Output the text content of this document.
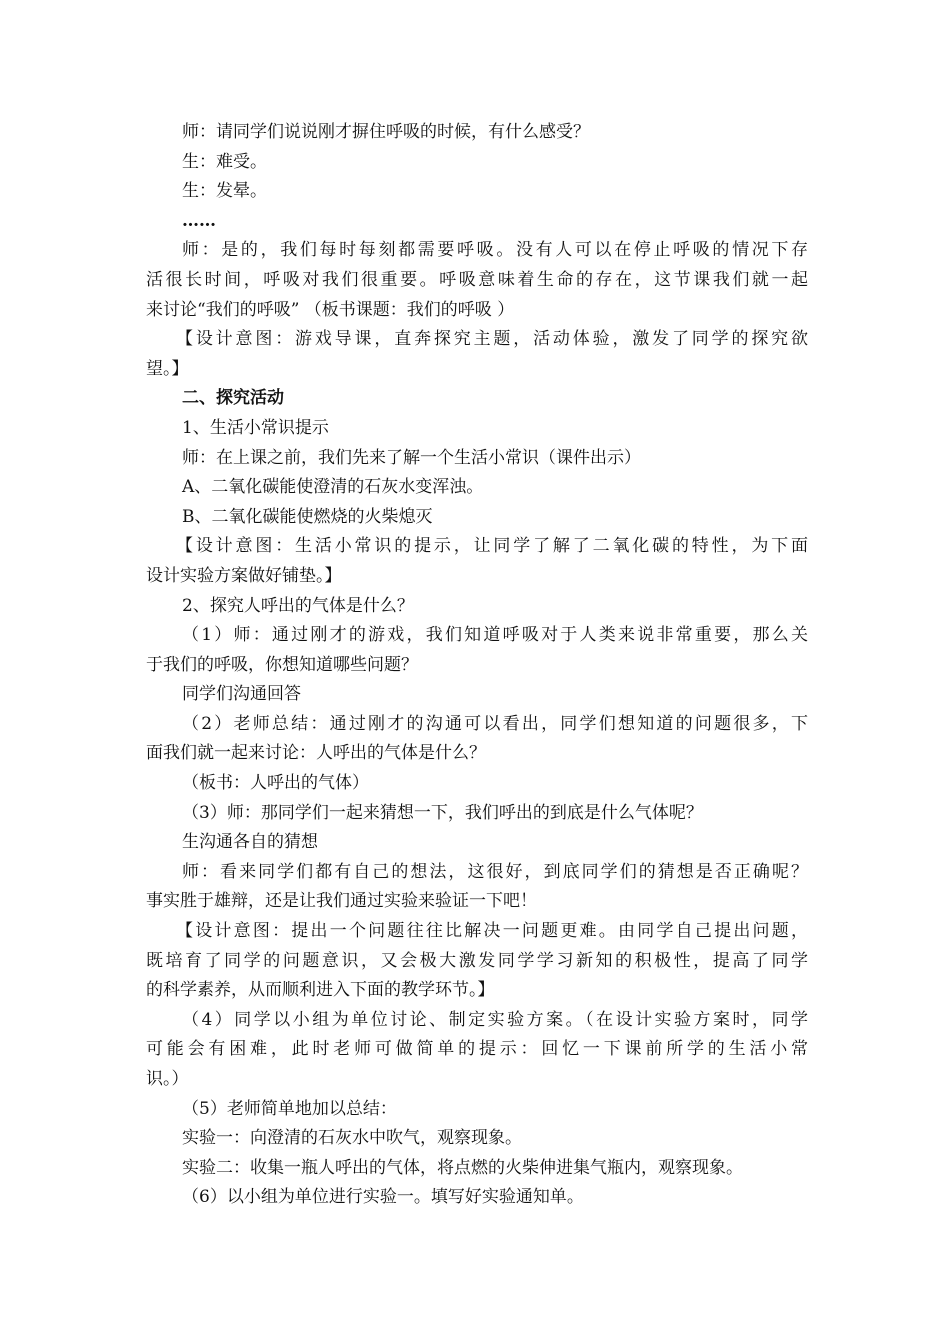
师：请同学们说说刚才摒住呼吸的时候，有什么感受？
生：难受。
生：发晕。
……
师：是的，我们每时每刻都需要呼吸。没有人可以在停止呼吸的情况下存
活很长时间，呼吸对我们很重要。呼吸意味着生命的存在，这节课我们就一起
来讨论“我们的呼吸” （板书课题：我们的呼吸 ）
【设计意图：游戏导课，直奔探究主题，活动体验，激发了同学的探究欲
望。】
二、探究活动
1、生活小常识提示
师：在上课之前，我们先来了解一个生活小常识（课件出示）
A、二氧化碳能使澄清的石灰水变浑浊。
B、二氧化碳能使燃烧的火柴熄灭
【设计意图：生活小常识的提示，让同学了解了二氧化碳的特性，为下面
设计实验方案做好铺垫。】
2、探究人呼出的气体是什么？
（1）师：通过刚才的游戏，我们知道呼吸对于人类来说非常重要，那么关
于我们的呼吸，你想知道哪些问题？
同学们沟通回答
（2）老师总结：通过刚才的沟通可以看出，同学们想知道的问题很多，下
面我们就一起来讨论：人呼出的气体是什么？
（板书：人呼出的气体）
（3）师：那同学们一起来猜想一下，我们呼出的到底是什么气体呢？
生沟通各自的猜想
师：看来同学们都有自己的想法，这很好，到底同学们的猜想是否正确呢？
事实胜于雄辩，还是让我们通过实验来验证一下吧！
【设计意图：提出一个问题往往比解决一问题更难。由同学自己提出问题，
既培育了同学的问题意识，又会极大激发同学学习新知的积极性，提高了同学
的科学素养，从而顺利进入下面的教学环节。】
（4）同学以小组为单位讨论、制定实验方案。（在设计实验方案时，同学
可能会有困难，此时老师可做简单的提示：回忆一下课前所学的生活小常
识。）
（5）老师简单地加以总结：
实验一：向澄清的石灰水中吹气，观察现象。
实验二：收集一瓶人呼出的气体，将点燃的火柴伸进集气瓶内，观察现象。
（6）以小组为单位进行实验一。填写好实验通知单。
